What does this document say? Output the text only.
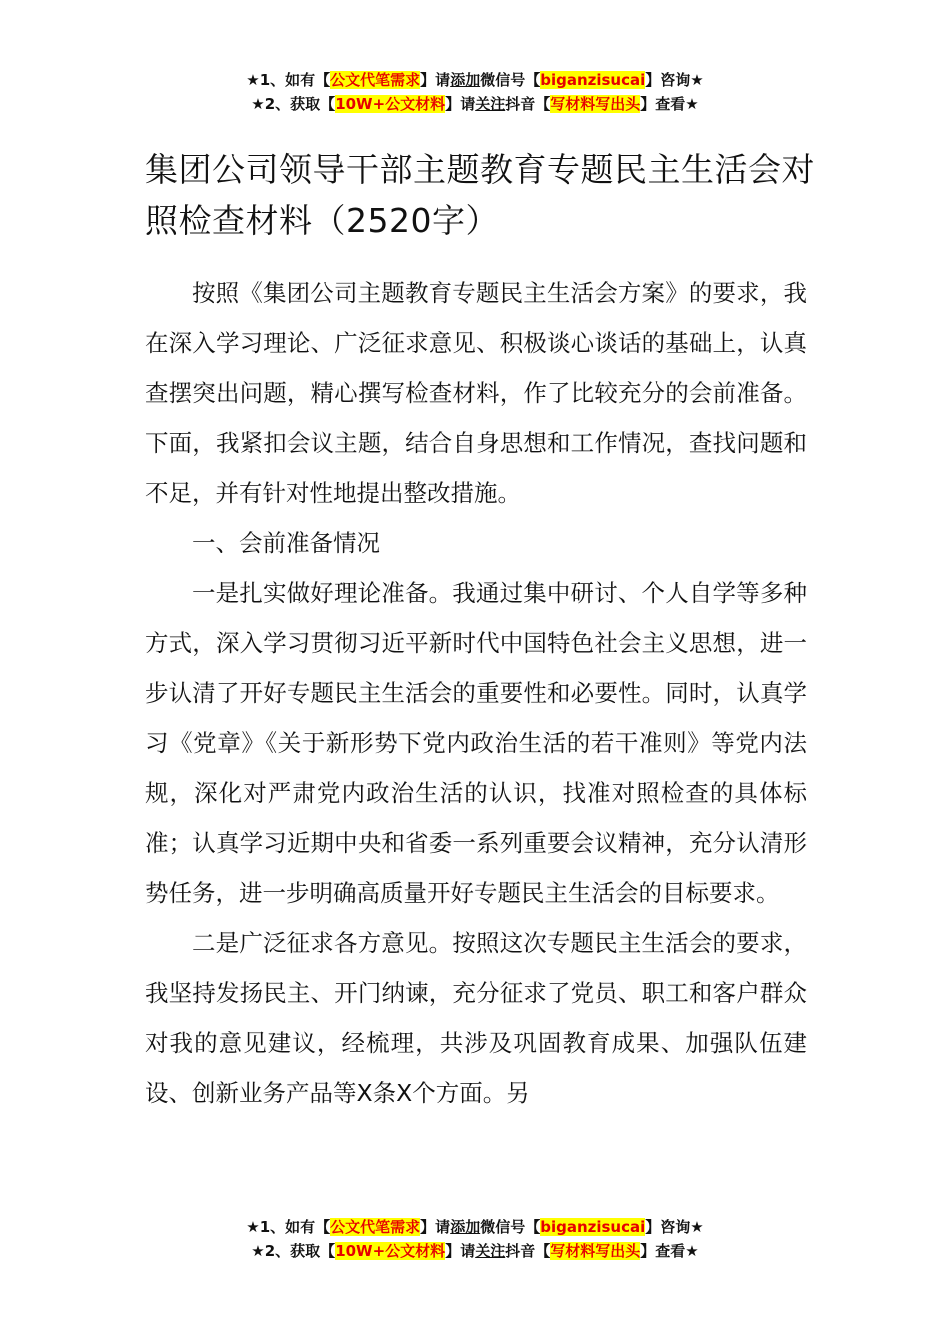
★1、如有【公文代笔需求】请添加微信号【biganzisucai】咨询★
★2、获取【10W+公文材料】请关注抖音【写材料写出头】查看★
集团公司领导干部主题教育专题民主生活会对照检查材料（2520字）

按照《集团公司主题教育专题民主生活会方案》的要求，我在深入学习理论、广泛征求意见、积极谈心谈话的基础上，认真查摆突出问题，精心撰写检查材料，作了比较充分的会前准备。下面，我紧扣会议主题，结合自身思想和工作情况，查找问题和不足，并有针对性地提出整改措施。

一、会前准备情况

一是扎实做好理论准备。我通过集中研讨、个人自学等多种方式，深入学习贯彻习近平新时代中国特色社会主义思想，进一步认清了开好专题民主生活会的重要性和必要性。同时，认真学习《党章》《关于新形势下党内政治生活的若干准则》等党内法规，深化对严肃党内政治生活的认识，找准对照检查的具体标准；认真学习近期中央和省委一系列重要会议精神，充分认清形势任务，进一步明确高质量开好专题民主生活会的目标要求。

二是广泛征求各方意见。按照这次专题民主生活会的要求，我坚持发扬民主、开门纳谏，充分征求了党员、职工和客户群众对我的意见建议，经梳理，共涉及巩固教育成果、加强队伍建设、创新业务产品等X条X个方面。另

★1、如有【公文代笔需求】请添加微信号【biganzisucai】咨询★
★2、获取【10W+公文材料】请关注抖音【写材料写出头】查看★
